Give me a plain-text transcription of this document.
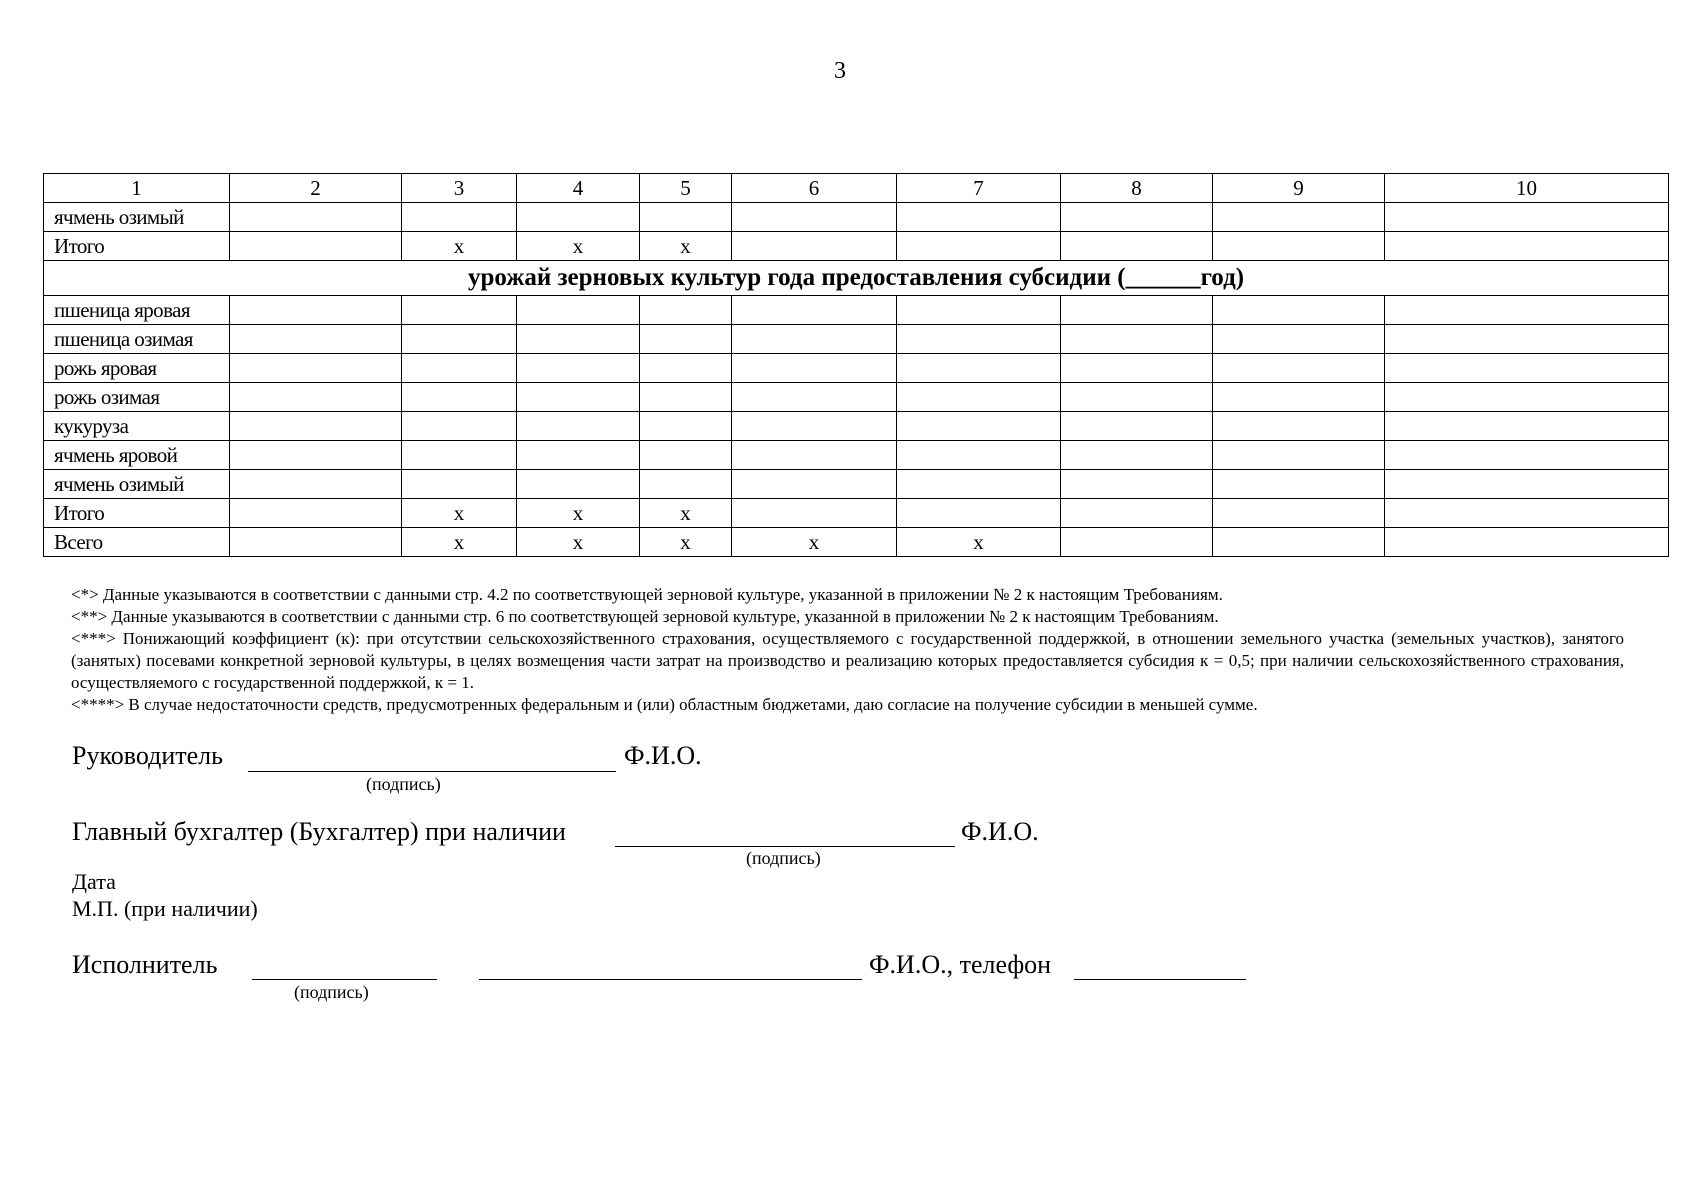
3
1	2	3	4	5	6	7	8	9	10
ячмень озимый									
Итого		х	х	х					
урожай зерновых культур года предоставления субсидии (______год)									
пшеница яровая									
пшеница озимая									
рожь яровая									
рожь озимая									
кукуруза									
ячмень яровой									
ячмень озимый									
Итого		х	х	х					
Всего		х	х	х	х	х			

<*> Данные указываются в соответствии с данными стр. 4.2 по соответствующей зерновой культуре, указанной в приложении № 2 к настоящим Требованиям.

<**> Данные указываются в соответствии с данными стр. 6 по соответствующей зерновой культуре, указанной в приложении № 2 к настоящим Требованиям.

<***> Понижающий коэффициент (к): при отсутствии сельскохозяйственного страхования, осуществляемого с государственной поддержкой, в отношении земельного участка (земельных участков), занятого (занятых) посевами конкретной зерновой культуры, в целях возмещения части затрат на производство и реализацию которых предоставляется субсидия к = 0,5; при наличии сельскохозяйственного страхования, осуществляемого с государственной поддержкой, к = 1.

<****> В случае недостаточности средств, предусмотренных федеральным и (или) областным бюджетами, даю согласие на получение субсидии в меньшей сумме.

Руководитель	Ф.И.О.
(подпись)
Главный бухгалтер (Бухгалтер) при наличии	Ф.И.О.
(подпись)
Дата
М.П. (при наличии)
Исполнитель	Ф.И.О., телефон
(подпись)
